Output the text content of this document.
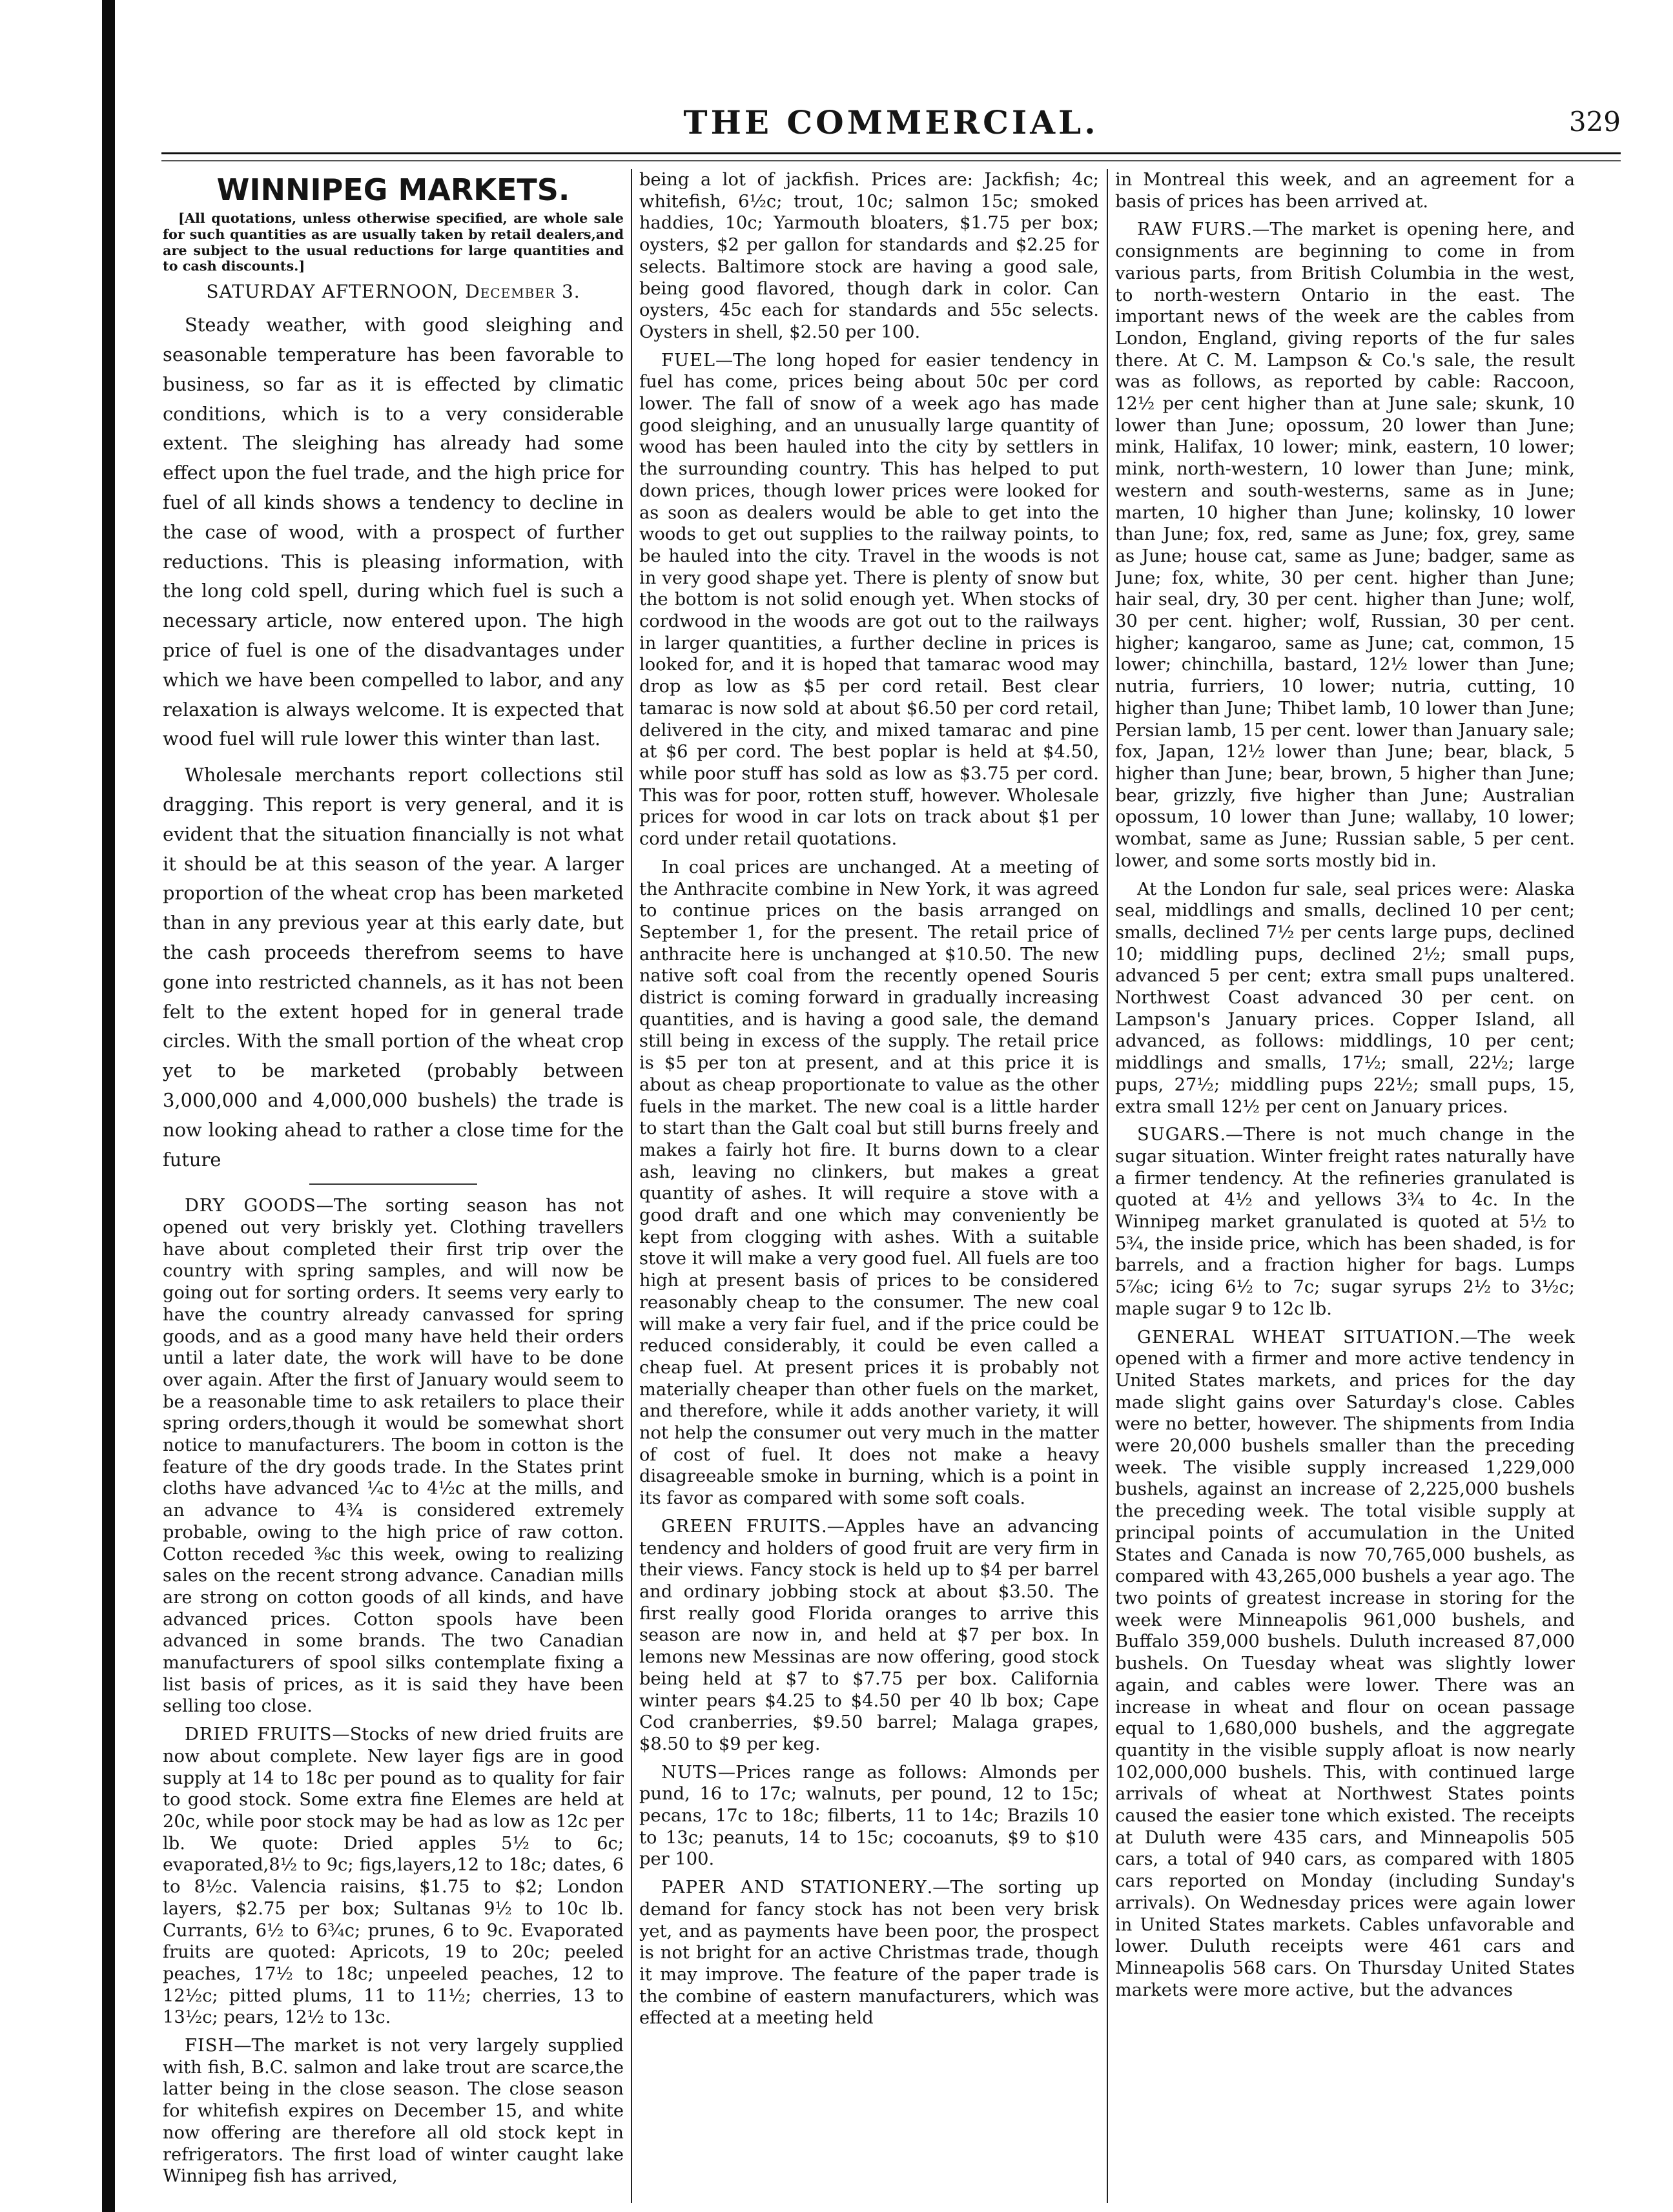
THE COMMERCIAL.	329
WINNIPEG MARKETS.

[All quotations, unless otherwise specified, are whole sale for such quantities as are usually taken by retail dealers,and are subject to the usual reductions for large quantities and to cash discounts.]

SATURDAY AFTERNOON, December 3.

Steady weather, with good sleighing and seasonable temperature has been favorable to business, so far as it is effected by climatic conditions, which is to a very considerable extent. The sleighing has already had some effect upon the fuel trade, and the high price for fuel of all kinds shows a tendency to decline in the case of wood, with a prospect of further reductions. This is pleasing information, with the long cold spell, during which fuel is such a necessary article, now entered upon. The high price of fuel is one of the disadvantages under which we have been compelled to labor, and any relaxation is always welcome. It is expected that wood fuel will rule lower this winter than last.

Wholesale merchants report collections stil dragging. This report is very general, and it is evident that the situation financially is not what it should be at this season of the year. A larger proportion of the wheat crop has been marketed than in any previous year at this early date, but the cash proceeds therefrom seems to have gone into restricted channels, as it has not been felt to the extent hoped for in general trade circles. With the small portion of the wheat crop yet to be marketed (probably between 3,000,000 and 4,000,000 bushels) the trade is now looking ahead to rather a close time for the future

DRY GOODS—The sorting season has not opened out very briskly yet. Clothing travellers have about completed their first trip over the country with spring samples, and will now be going out for sorting orders. It seems very early to have the country already canvassed for spring goods, and as a good many have held their orders until a later date, the work will have to be done over again. After the first of January would seem to be a reasonable time to ask retailers to place their spring orders,though it would be somewhat short notice to manufacturers. The boom in cotton is the feature of the dry goods trade. In the States print cloths have advanced ¼c to 4½c at the mills, and an advance to 4¾ is considered extremely probable, owing to the high price of raw cotton. Cotton receded ⅜c this week, owing to realizing sales on the recent strong advance. Canadian mills are strong on cotton goods of all kinds, and have advanced prices. Cotton spools have been advanced in some brands. The two Canadian manufacturers of spool silks contemplate fixing a list basis of prices, as it is said they have been selling too close.

DRIED FRUITS—Stocks of new dried fruits are now about complete. New layer figs are in good supply at 14 to 18c per pound as to quality for fair to good stock. Some extra fine Elemes are held at 20c, while poor stock may be had as low as 12c per lb. We quote: Dried apples 5½ to 6c; evaporated,8½ to 9c; figs,layers,12 to 18c; dates, 6 to 8½c. Valencia raisins, $1.75 to $2; London layers, $2.75 per box; Sultanas 9½ to 10c lb. Currants, 6½ to 6¾c; prunes, 6 to 9c. Evaporated fruits are quoted: Apricots, 19 to 20c; peeled peaches, 17½ to 18c; unpeeled peaches, 12 to 12½c; pitted plums, 11 to 11½; cherries, 13 to 13½c; pears, 12½ to 13c.

FISH—The market is not very largely supplied with fish, B.C. salmon and lake trout are scarce,the latter being in the close season. The close season for whitefish expires on December 15, and white now offering are therefore all old stock kept in refrigerators. The first load of winter caught lake Winnipeg fish has arrived,

being a lot of jackfish. Prices are: Jackfish; 4c; whitefish, 6½c; trout, 10c; salmon 15c; smoked haddies, 10c; Yarmouth bloaters, $1.75 per box; oysters, $2 per gallon for standards and $2.25 for selects. Baltimore stock are having a good sale, being good flavored, though dark in color. Can oysters, 45c each for standards and 55c selects. Oysters in shell, $2.50 per 100.

FUEL—The long hoped for easier tendency in fuel has come, prices being about 50c per cord lower. The fall of snow of a week ago has made good sleighing, and an unusually large quantity of wood has been hauled into the city by settlers in the surrounding country. This has helped to put down prices, though lower prices were looked for as soon as dealers would be able to get into the woods to get out supplies to the railway points, to be hauled into the city. Travel in the woods is not in very good shape yet. There is plenty of snow but the bottom is not solid enough yet. When stocks of cordwood in the woods are got out to the railways in larger quantities, a further decline in prices is looked for, and it is hoped that tamarac wood may drop as low as $5 per cord retail. Best clear tamarac is now sold at about $6.50 per cord retail, delivered in the city, and mixed tamarac and pine at $6 per cord. The best poplar is held at $4.50, while poor stuff has sold as low as $3.75 per cord. This was for poor, rotten stuff, however. Wholesale prices for wood in car lots on track about $1 per cord under retail quotations.

In coal prices are unchanged. At a meeting of the Anthracite combine in New York, it was agreed to continue prices on the basis arranged on September 1, for the present. The retail price of anthracite here is unchanged at $10.50. The new native soft coal from the recently opened Souris district is coming forward in gradually increasing quantities, and is having a good sale, the demand still being in excess of the supply. The retail price is $5 per ton at present, and at this price it is about as cheap proportionate to value as the other fuels in the market. The new coal is a little harder to start than the Galt coal but still burns freely and makes a fairly hot fire. It burns down to a clear ash, leaving no clinkers, but makes a great quantity of ashes. It will require a stove with a good draft and one which may conveniently be kept from clogging with ashes. With a suitable stove it will make a very good fuel. All fuels are too high at present basis of prices to be considered reasonably cheap to the consumer. The new coal will make a very fair fuel, and if the price could be reduced considerably, it could be even called a cheap fuel. At present prices it is probably not materially cheaper than other fuels on the market, and therefore, while it adds another variety, it will not help the consumer out very much in the matter of cost of fuel. It does not make a heavy disagreeable smoke in burning, which is a point in its favor as compared with some soft coals.

GREEN FRUITS.—Apples have an advancing tendency and holders of good fruit are very firm in their views. Fancy stock is held up to $4 per barrel and ordinary jobbing stock at about $3.50. The first really good Florida oranges to arrive this season are now in, and held at $7 per box. In lemons new Messinas are now offering, good stock being held at $7 to $7.75 per box. California winter pears $4.25 to $4.50 per 40 lb box; Cape Cod cranberries, $9.50 barrel; Malaga grapes, $8.50 to $9 per keg.

NUTS—Prices range as follows: Almonds per pund, 16 to 17c; walnuts, per pound, 12 to 15c; pecans, 17c to 18c; filberts, 11 to 14c; Brazils 10 to 13c; peanuts, 14 to 15c; cocoanuts, $9 to $10 per 100.

PAPER AND STATIONERY.—The sorting up demand for fancy stock has not been very brisk yet, and as payments have been poor, the prospect is not bright for an active Christmas trade, though it may improve. The feature of the paper trade is the combine of eastern manufacturers, which was effected at a meeting held

in Montreal this week, and an agreement for a basis of prices has been arrived at.

RAW FURS.—The market is opening here, and consignments are beginning to come in from various parts, from British Columbia in the west, to north-western Ontario in the east. The important news of the week are the cables from London, England, giving reports of the fur sales there. At C. M. Lampson & Co.'s sale, the result was as follows, as reported by cable: Raccoon, 12½ per cent higher than at June sale; skunk, 10 lower than June; opossum, 20 lower than June; mink, Halifax, 10 lower; mink, eastern, 10 lower; mink, north-western, 10 lower than June; mink, western and south-westerns, same as in June; marten, 10 higher than June; kolinsky, 10 lower than June; fox, red, same as June; fox, grey, same as June; house cat, same as June; badger, same as June; fox, white, 30 per cent. higher than June; hair seal, dry, 30 per cent. higher than June; wolf, 30 per cent. higher; wolf, Russian, 30 per cent. higher; kangaroo, same as June; cat, common, 15 lower; chinchilla, bastard, 12½ lower than June; nutria, furriers, 10 lower; nutria, cutting, 10 higher than June; Thibet lamb, 10 lower than June; Persian lamb, 15 per cent. lower than January sale; fox, Japan, 12½ lower than June; bear, black, 5 higher than June; bear, brown, 5 higher than June; bear, grizzly, five higher than June; Australian opossum, 10 lower than June; wallaby, 10 lower; wombat, same as June; Russian sable, 5 per cent. lower, and some sorts mostly bid in.

At the London fur sale, seal prices were: Alaska seal, middlings and smalls, declined 10 per cent; smalls, declined 7½ per cents large pups, declined 10; middling pups, declined 2½; small pups, advanced 5 per cent; extra small pups unaltered. Northwest Coast advanced 30 per cent. on Lampson's January prices. Copper Island, all advanced, as follows: middlings, 10 per cent; middlings and smalls, 17½; small, 22½; large pups, 27½; middling pups 22½; small pups, 15, extra small 12½ per cent on January prices.

SUGARS.—There is not much change in the sugar situation. Winter freight rates naturally have a firmer tendency. At the refineries granulated is quoted at 4½ and yellows 3¾ to 4c. In the Winnipeg market granulated is quoted at 5½ to 5¾, the inside price, which has been shaded, is for barrels, and a fraction higher for bags. Lumps 5⅞c; icing 6½ to 7c; sugar syrups 2½ to 3½c; maple sugar 9 to 12c lb.

GENERAL WHEAT SITUATION.—The week opened with a firmer and more active tendency in United States markets, and prices for the day made slight gains over Saturday's close. Cables were no better, however. The shipments from India were 20,000 bushels smaller than the preceding week. The visible supply increased 1,229,000 bushels, against an increase of 2,225,000 bushels the preceding week. The total visible supply at principal points of accumulation in the United States and Canada is now 70,765,000 bushels, as compared with 43,265,000 bushels a year ago. The two points of greatest increase in storing for the week were Minneapolis 961,000 bushels, and Buffalo 359,000 bushels. Duluth increased 87,000 bushels. On Tuesday wheat was slightly lower again, and cables were lower. There was an increase in wheat and flour on ocean passage equal to 1,680,000 bushels, and the aggregate quantity in the visible supply afloat is now nearly 102,000,000 bushels. This, with continued large arrivals of wheat at Northwest States points caused the easier tone which existed. The receipts at Duluth were 435 cars, and Minneapolis 505 cars, a total of 940 cars, as compared with 1805 cars reported on Monday (including Sunday's arrivals). On Wednesday prices were again lower in United States markets. Cables unfavorable and lower. Duluth receipts were 461 cars and Minneapolis 568 cars. On Thursday United States markets were more active, but the advances
